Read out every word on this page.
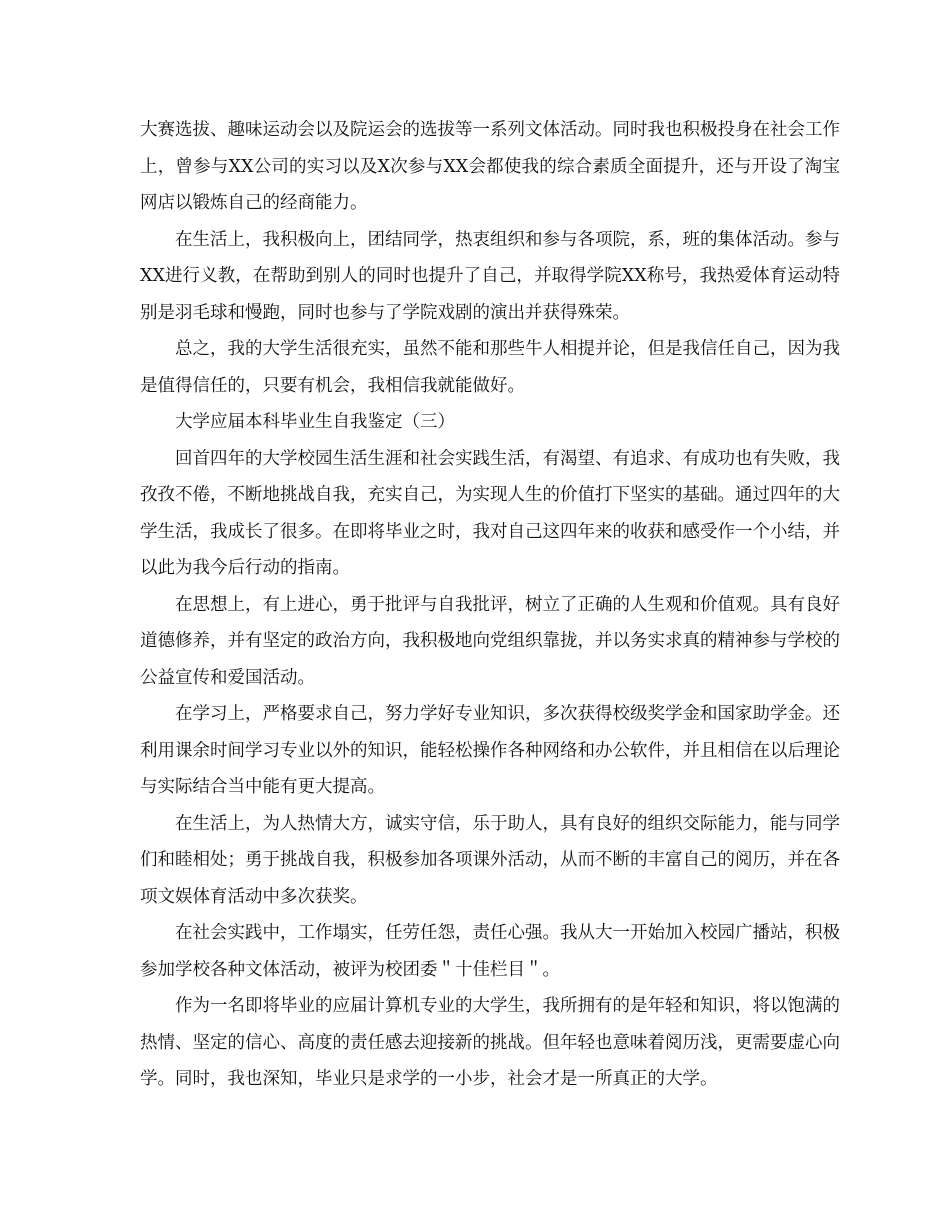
大赛选拔、趣味运动会以及院运会的选拔等一系列文体活动。同时我也积极投身在社会工作上，曾参与XX公司的实习以及X次参与XX会都使我的综合素质全面提升，还与开设了淘宝网店以锻炼自己的经商能力。

在生活上，我积极向上，团结同学，热衷组织和参与各项院，系，班的集体活动。参与XX进行义教，在帮助到别人的同时也提升了自己，并取得学院XX称号，我热爱体育运动特别是羽毛球和慢跑，同时也参与了学院戏剧的演出并获得殊荣。

总之，我的大学生活很充实，虽然不能和那些牛人相提并论，但是我信任自己，因为我是值得信任的，只要有机会，我相信我就能做好。

大学应届本科毕业生自我鉴定（三）

回首四年的大学校园生活生涯和社会实践生活，有渴望、有追求、有成功也有失败，我孜孜不倦，不断地挑战自我，充实自己，为实现人生的价值打下坚实的基础。通过四年的大学生活，我成长了很多。在即将毕业之时，我对自己这四年来的收获和感受作一个小结，并以此为我今后行动的指南。

在思想上，有上进心，勇于批评与自我批评，树立了正确的人生观和价值观。具有良好道德修养，并有坚定的政治方向，我积极地向党组织靠拢，并以务实求真的精神参与学校的公益宣传和爱国活动。

在学习上，严格要求自己，努力学好专业知识，多次获得校级奖学金和国家助学金。还利用课余时间学习专业以外的知识，能轻松操作各种网络和办公软件，并且相信在以后理论与实际结合当中能有更大提高。

在生活上，为人热情大方，诚实守信，乐于助人，具有良好的组织交际能力，能与同学们和睦相处；勇于挑战自我，积极参加各项课外活动，从而不断的丰富自己的阅历，并在各项文娱体育活动中多次获奖。

在社会实践中，工作塌实，任劳任怨，责任心强。我从大一开始加入校园广播站，积极参加学校各种文体活动，被评为校团委＂十佳栏目＂。

作为一名即将毕业的应届计算机专业的大学生，我所拥有的是年轻和知识，将以饱满的热情、坚定的信心、高度的责任感去迎接新的挑战。但年轻也意味着阅历浅，更需要虚心向学。同时，我也深知，毕业只是求学的一小步，社会才是一所真正的大学。
